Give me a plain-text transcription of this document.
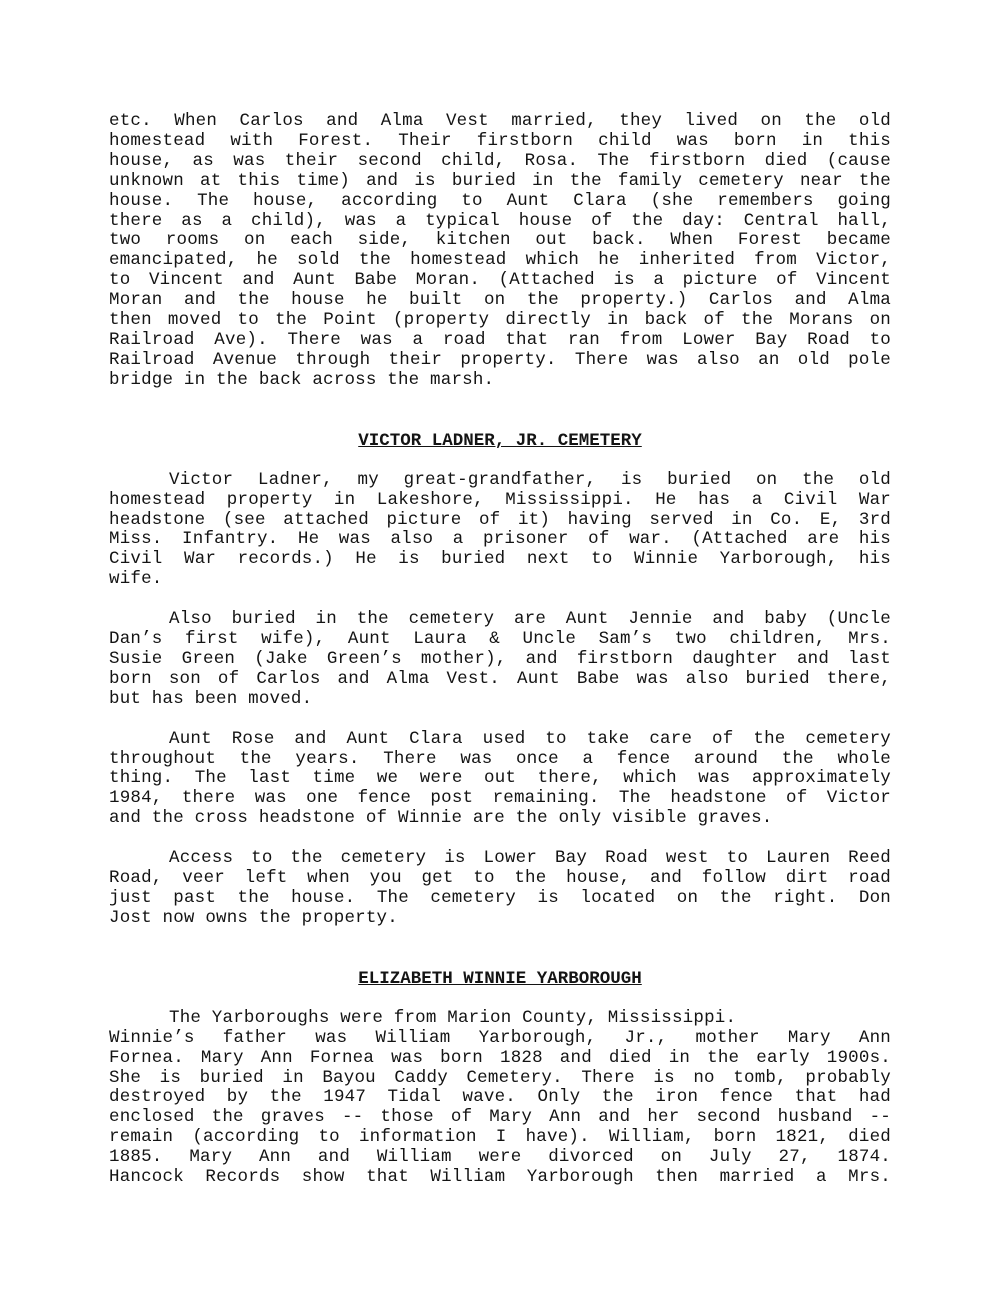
etc. When Carlos and Alma Vest married, they lived on the old
homestead with Forest. Their firstborn child was born in this
house, as was their second child, Rosa. The firstborn died (cause
unknown at this time) and is buried in the family cemetery near the
house. The house, according to Aunt Clara (she remembers going
there as a child), was a typical house of the day: Central hall,
two rooms on each side, kitchen out back. When Forest became
emancipated, he sold the homestead which he inherited from Victor,
to Vincent and Aunt Babe Moran. (Attached is a picture of Vincent
Moran and the house he built on the property.) Carlos and Alma
then moved to the Point (property directly in back of the Morans on
Railroad Ave). There was a road that ran from Lower Bay Road to
Railroad Avenue through their property. There was also an old pole
bridge in the back across the marsh.

VICTOR LADNER, JR. CEMETERY

Victor Ladner, my great-grandfather, is buried on the old
homestead property in Lakeshore, Mississippi. He has a Civil War
headstone (see attached picture of it) having served in Co. E, 3rd
Miss. Infantry. He was also a prisoner of war. (Attached are his
Civil War records.) He is buried next to Winnie Yarborough, his
wife.

Also buried in the cemetery are Aunt Jennie and baby (Uncle
Dan’s first wife), Aunt Laura & Uncle Sam’s two children, Mrs.
Susie Green (Jake Green’s mother), and firstborn daughter and last
born son of Carlos and Alma Vest. Aunt Babe was also buried there,
but has been moved.

Aunt Rose and Aunt Clara used to take care of the cemetery
throughout the years. There was once a fence around the whole
thing. The last time we were out there, which was approximately
1984, there was one fence post remaining. The headstone of Victor
and the cross headstone of Winnie are the only visible graves.

Access to the cemetery is Lower Bay Road west to Lauren Reed
Road, veer left when you get to the house, and follow dirt road
just past the house. The cemetery is located on the right. Don
Jost now owns the property.

ELIZABETH WINNIE YARBOROUGH

The Yarboroughs were from Marion County, Mississippi.
Winnie’s father was William Yarborough, Jr., mother Mary Ann
Fornea. Mary Ann Fornea was born 1828 and died in the early 1900s.
She is buried in Bayou Caddy Cemetery. There is no tomb, probably
destroyed by the 1947 Tidal wave. Only the iron fence that had
enclosed the graves -- those of Mary Ann and her second husband --
remain (according to information I have). William, born 1821, died
1885. Mary Ann and William were divorced on July 27, 1874.
Hancock Records show that William Yarborough then married a Mrs.
